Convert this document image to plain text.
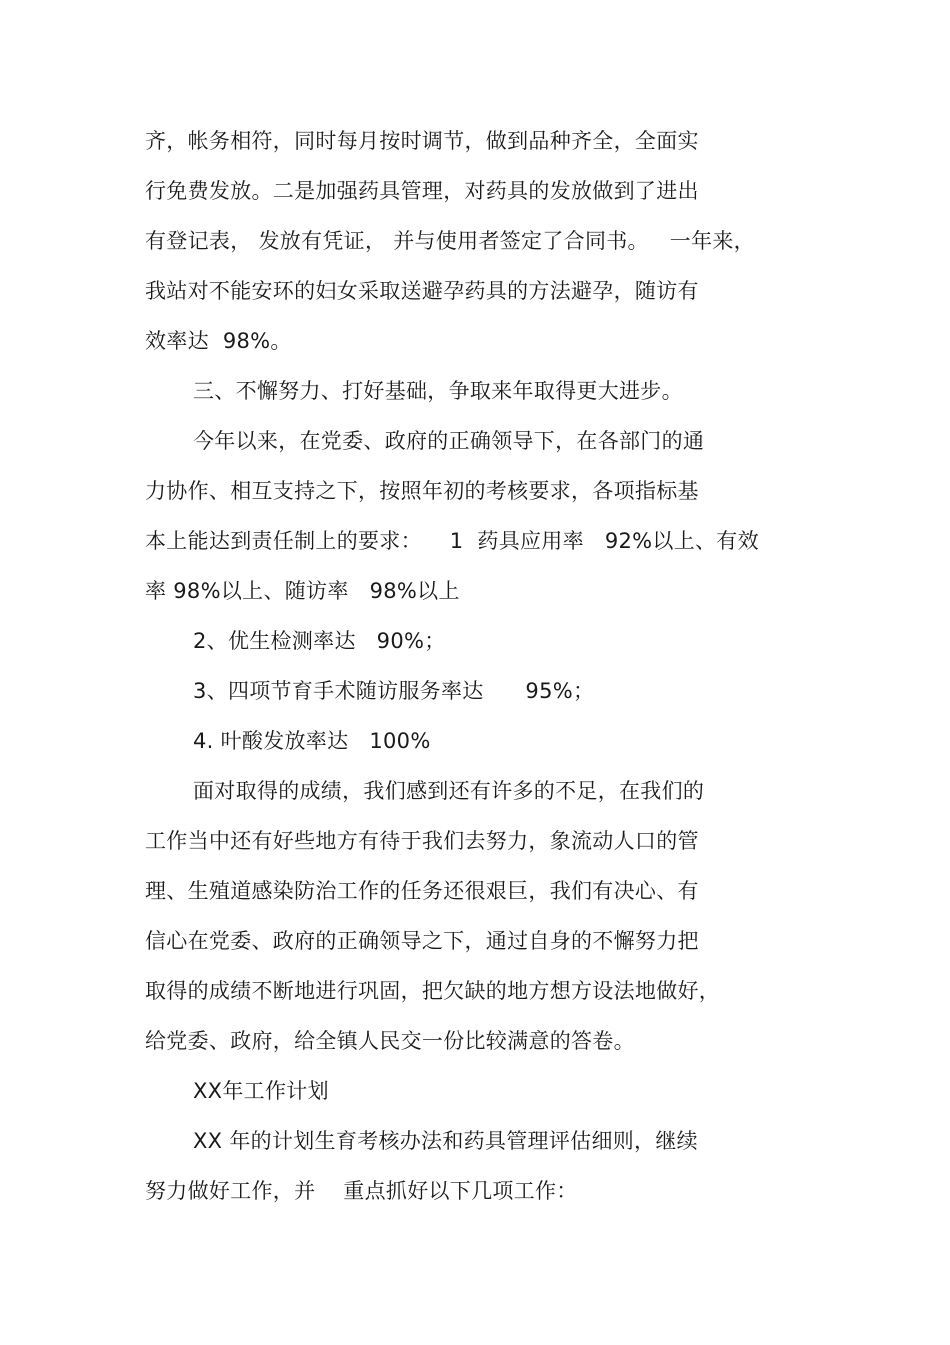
齐，帐务相符，同时每月按时调节，做到品种齐全，全面实
行免费发放。二是加强药具管理，对药具的发放做到了进出
有登记表， 发放有凭证， 并与使用者签定了合同书。   一年来，
我站对不能安环的妇女采取送避孕药具的方法避孕，随访有
效率达  98%。
三、不懈努力、打好基础，争取来年取得更大进步。
今年以来，在党委、政府的正确领导下，在各部门的通
力协作、相互支持之下，按照年初的考核要求，各项指标基
本上能达到责任制上的要求：    1  药具应用率   92%以上、有效
率 98%以上、随访率   98%以上
2、优生检测率达   90%；
3、四项节育手术随访服务率达      95%；
4. 叶酸发放率达   100%
面对取得的成绩，我们感到还有许多的不足，在我们的
工作当中还有好些地方有待于我们去努力，象流动人口的管
理、生殖道感染防治工作的任务还很艰巨，我们有决心、有
信心在党委、政府的正确领导之下，通过自身的不懈努力把
取得的成绩不断地进行巩固，把欠缺的地方想方设法地做好，
给党委、政府，给全镇人民交一份比较满意的答卷。
XX年工作计划
XX 年的计划生育考核办法和药具管理评估细则，继续
努力做好工作，并    重点抓好以下几项工作：
